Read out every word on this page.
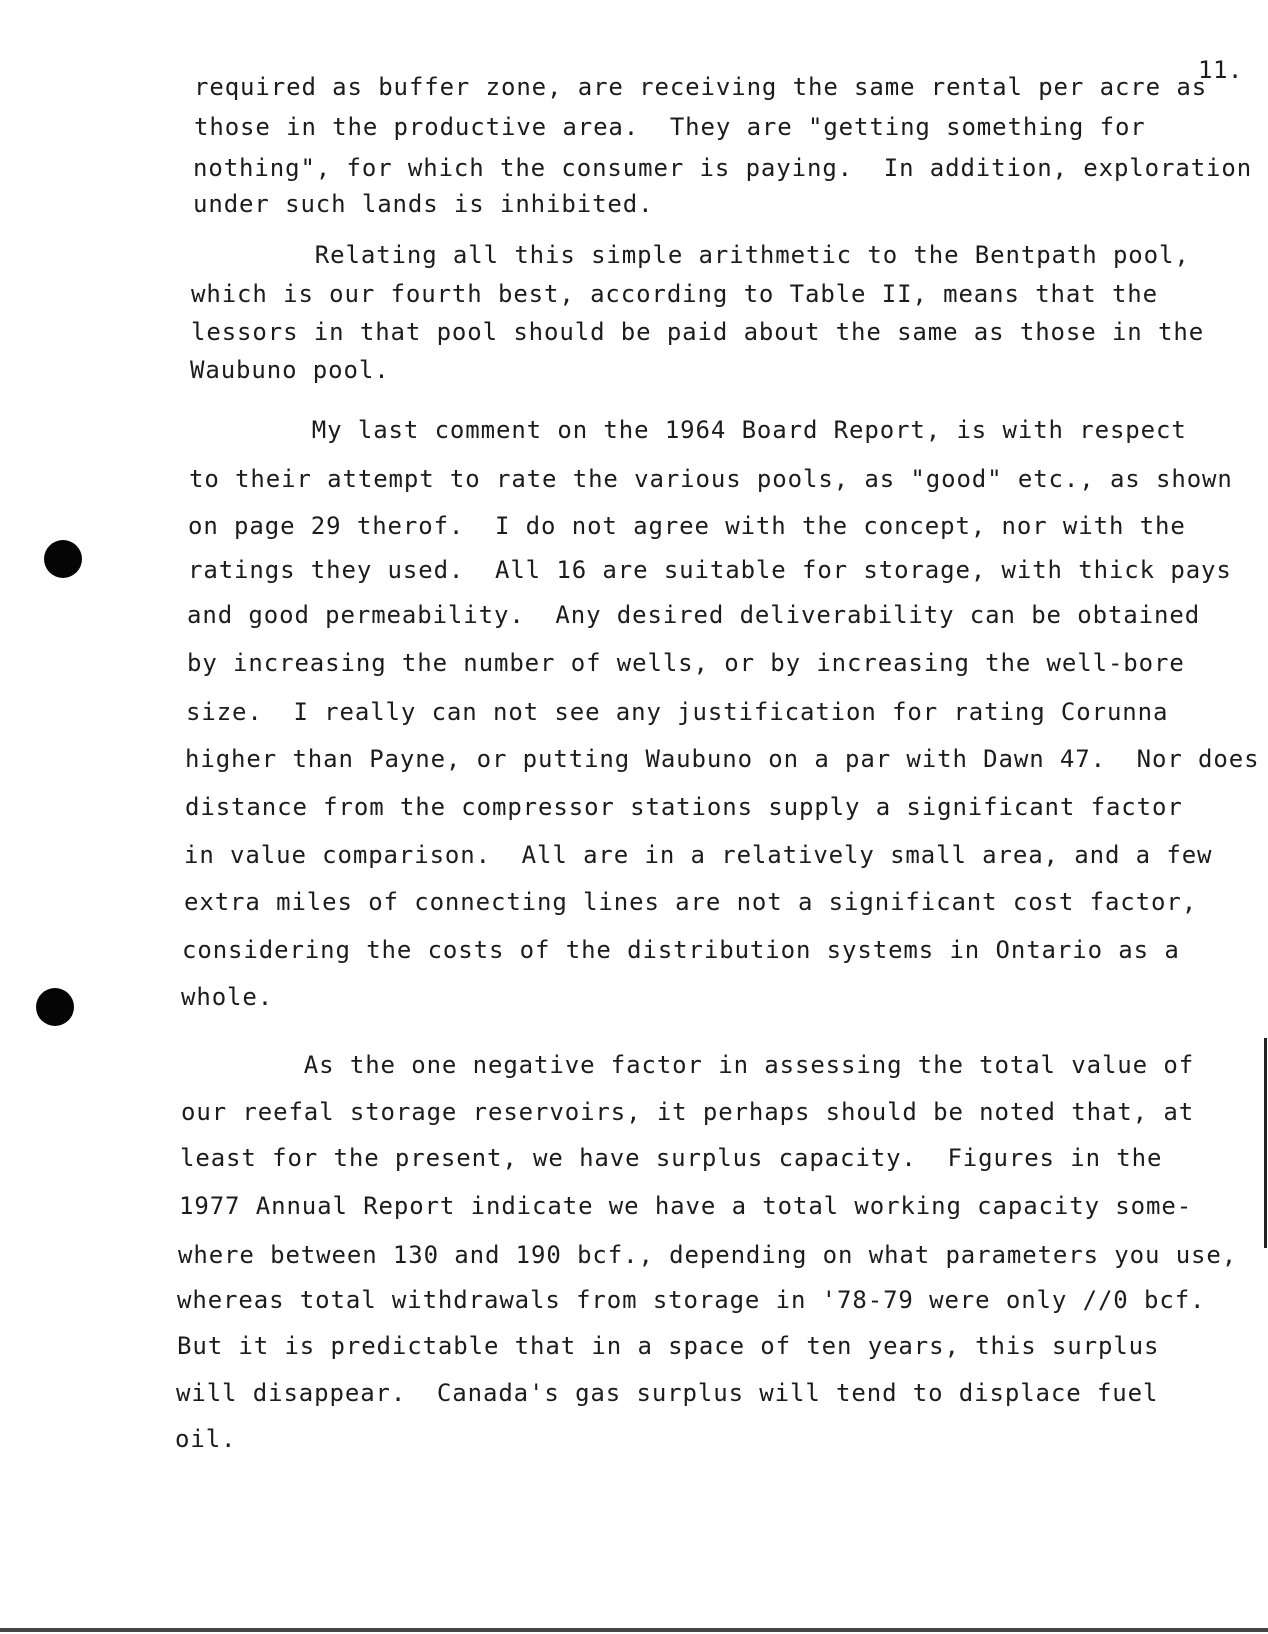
11.
required as buffer zone, are receiving the same rental per acre as
those in the productive area.  They are "getting something for
nothing", for which the consumer is paying.  In addition, exploration
under such lands is inhibited.
Relating all this simple arithmetic to the Bentpath pool,
which is our fourth best, according to Table II, means that the
lessors in that pool should be paid about the same as those in the
Waubuno pool.
My last comment on the 1964 Board Report, is with respect
to their attempt to rate the various pools, as "good" etc., as shown
on page 29 therof.  I do not agree with the concept, nor with the
ratings they used.  All 16 are suitable for storage, with thick pays
and good permeability.  Any desired deliverability can be obtained
by increasing the number of wells, or by increasing the well-bore
size.  I really can not see any justification for rating Corunna
higher than Payne, or putting Waubuno on a par with Dawn 47.  Nor does
distance from the compressor stations supply a significant factor
in value comparison.  All are in a relatively small area, and a few
extra miles of connecting lines are not a significant cost factor,
considering the costs of the distribution systems in Ontario as a
whole.
As the one negative factor in assessing the total value of
our reefal storage reservoirs, it perhaps should be noted that, at
least for the present, we have surplus capacity.  Figures in the
1977 Annual Report indicate we have a total working capacity some-
where between 130 and 190 bcf., depending on what parameters you use,
whereas total withdrawals from storage in '78-79 were only //0 bcf.
But it is predictable that in a space of ten years, this surplus
will disappear.  Canada's gas surplus will tend to displace fuel
oil.
